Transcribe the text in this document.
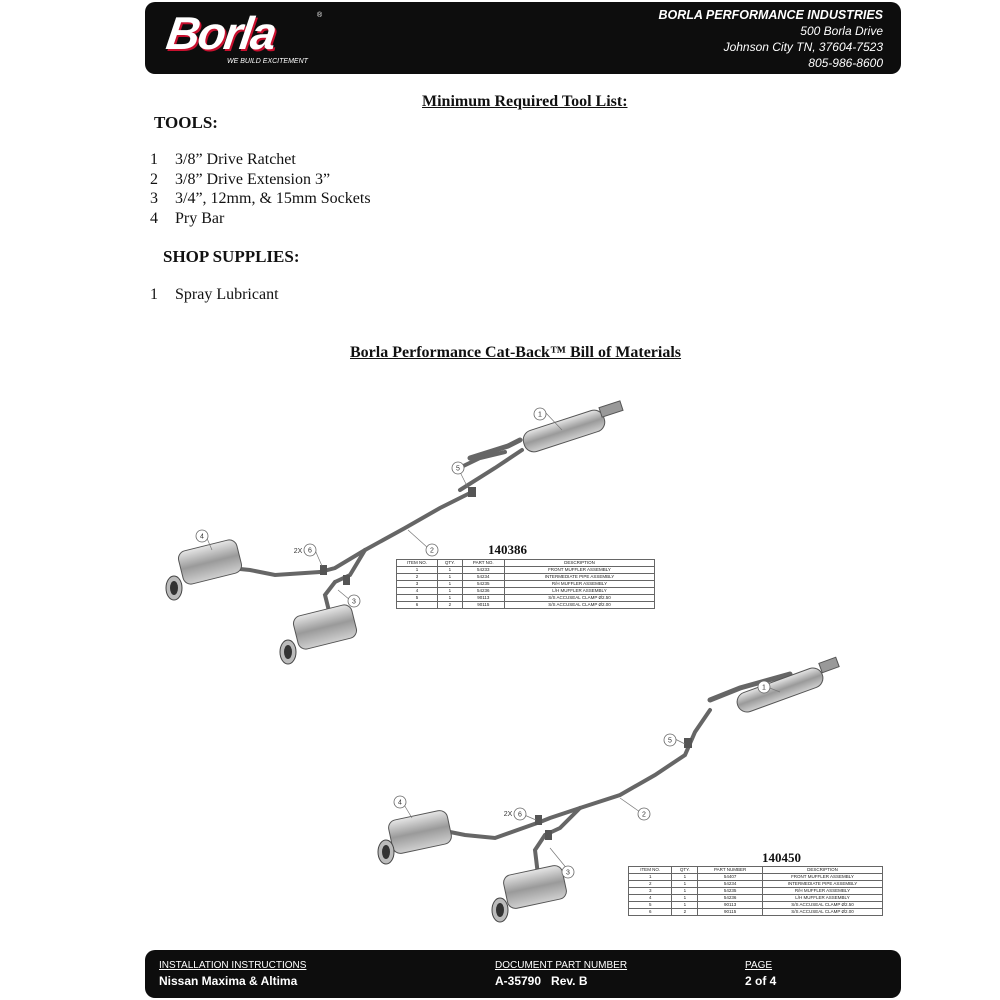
Borla	®
WE BUILD EXCITEMENT
BORLA PERFORMANCE INDUSTRIES
500 Borla Drive
Johnson City TN, 37604-7523
805-986-8600
Minimum Required Tool List:
TOOLS:
1	3/8” Drive Ratchet
2	3/8” Drive Extension 3”
3	3/4”, 12mm, & 15mm Sockets
4	Pry Bar
SHOP SUPPLIES:
1	Spray Lubricant
Borla Performance Cat-Back™ Bill of Materials
1
5
2
3
4
6
2X
1
5
2
3
4
6
2X
140386
ITEM NO.	QTY.	PART NO.	DESCRIPTION
1	1	54233	FRONT MUFFLER ASSEMBLY
2	1	54234	INTERMEDIATE PIPE ASSEMBLY
3	1	54235	R/H MUFFLER ASSEMBLY
4	1	54236	L/H MUFFLER ASSEMBLY
5	1	90113	S/S ACCUSEAL CLAMP Ø2.50
6	2	90115	S/S ACCUSEAL CLAMP Ø2.00
140450
ITEM NO.	QTY.	PART NUMBER	DESCRIPTION
1	1	54407	FRONT MUFFLER ASSEMBLY
2	1	54234	INTERMEDIATE PIPE ASSEMBLY
3	1	54235	R/H MUFFLER ASSEMBLY
4	1	54236	L/H MUFFLER ASSEMBLY
5	1	90113	S/S ACCUSEAL CLAMP Ø2.50
6	2	90115	S/S ACCUSEAL CLAMP Ø2.00
INSTALLATION INSTRUCTIONS
Nissan Maxima & Altima
DOCUMENT PART NUMBER
A-35790 Rev. B
PAGE
2 of 4
